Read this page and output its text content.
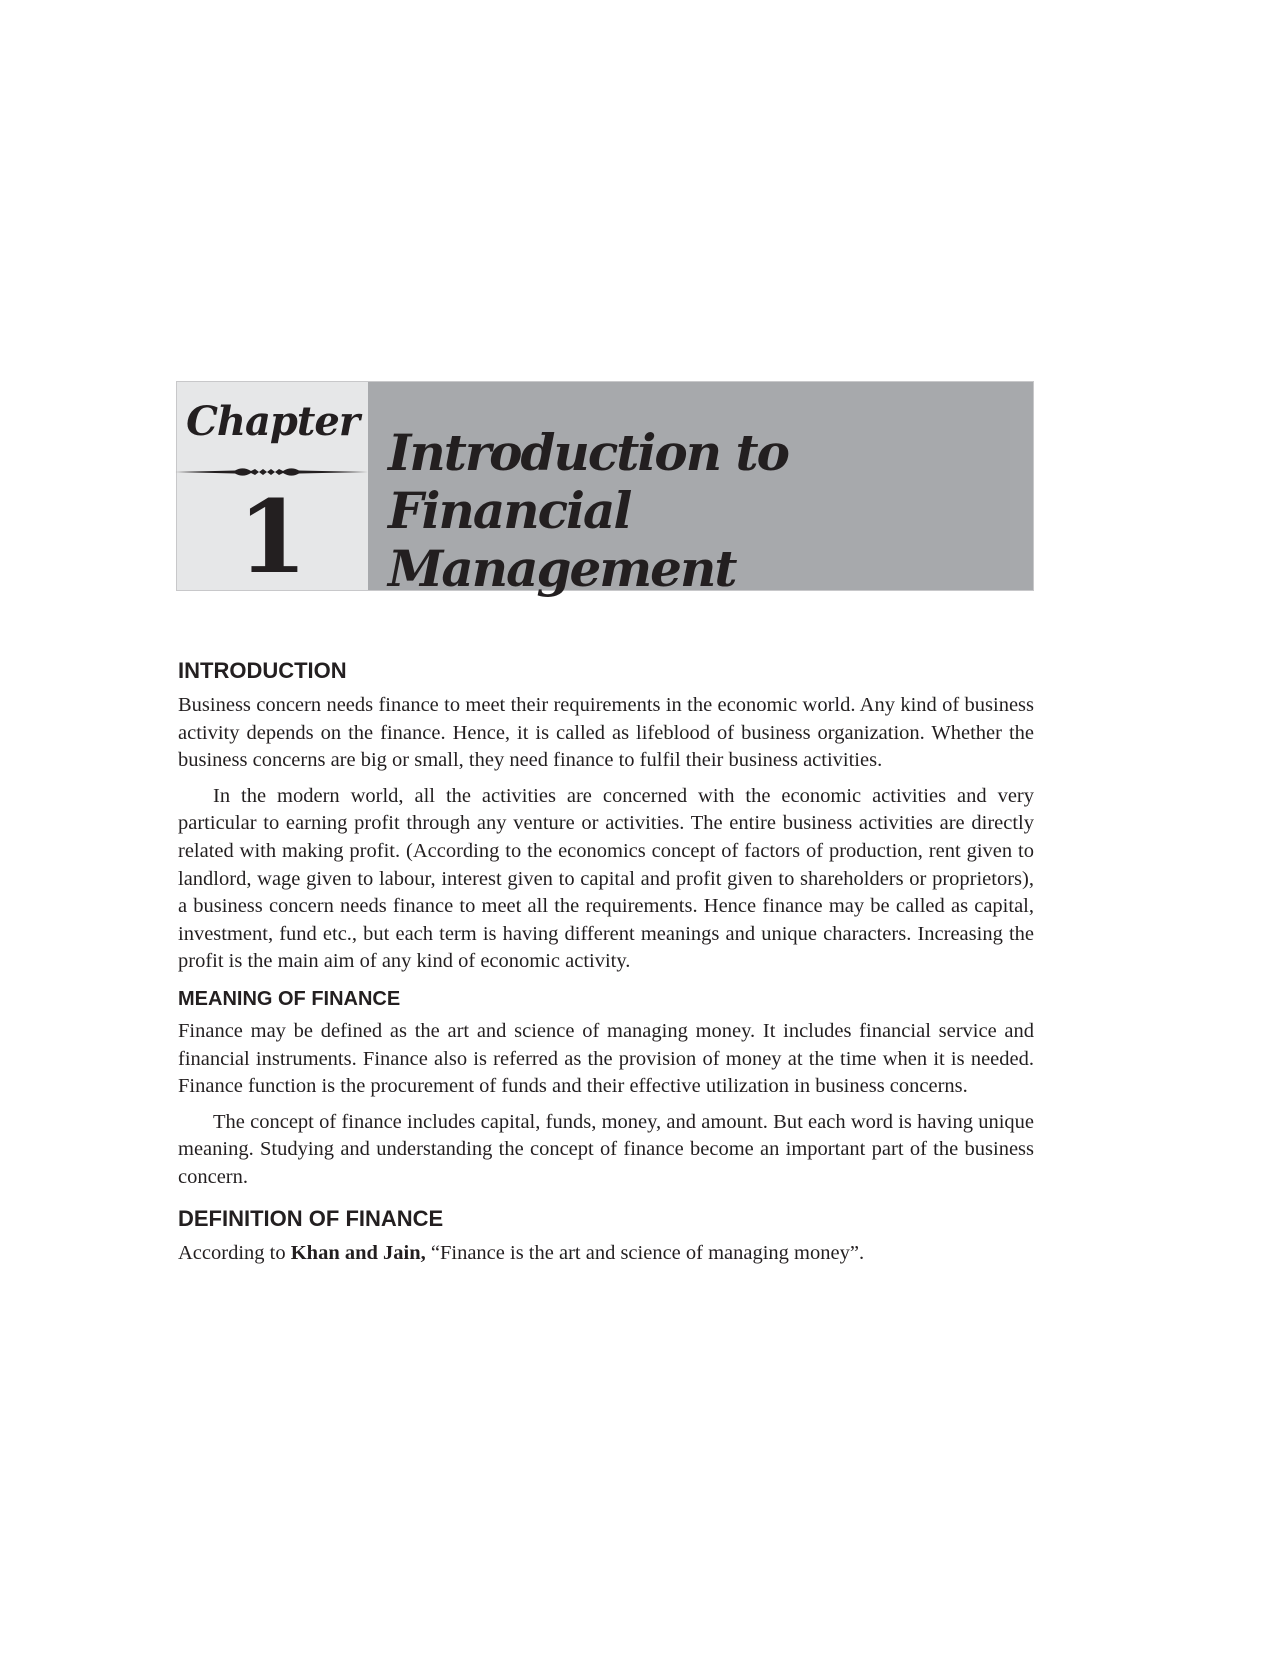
Chapter
1
Introduction to Financial
Management
INTRODUCTION

Business concern needs finance to meet their requirements in the economic world. Any kind of business activity depends on the finance. Hence, it is called as lifeblood of business organization. Whether the business concerns are big or small, they need finance to fulfil their business activities.

In the modern world, all the activities are concerned with the economic activities and very particular to earning profit through any venture or activities. The entire business activities are directly related with making profit. (According to the economics concept of factors of production, rent given to landlord, wage given to labour, interest given to capital and profit given to shareholders or proprietors), a business concern needs finance to meet all the requirements. Hence finance may be called as capital, investment, fund etc., but each term is having different meanings and unique characters. Increasing the profit is the main aim of any kind of economic activity.

MEANING OF FINANCE

Finance may be defined as the art and science of managing money. It includes financial service and financial instruments. Finance also is referred as the provision of money at the time when it is needed. Finance function is the procurement of funds and their effective utilization in business concerns.

The concept of finance includes capital, funds, money, and amount. But each word is having unique meaning. Studying and understanding the concept of finance become an important part of the business concern.

DEFINITION OF FINANCE

According to Khan and Jain, “Finance is the art and science of managing money”.
